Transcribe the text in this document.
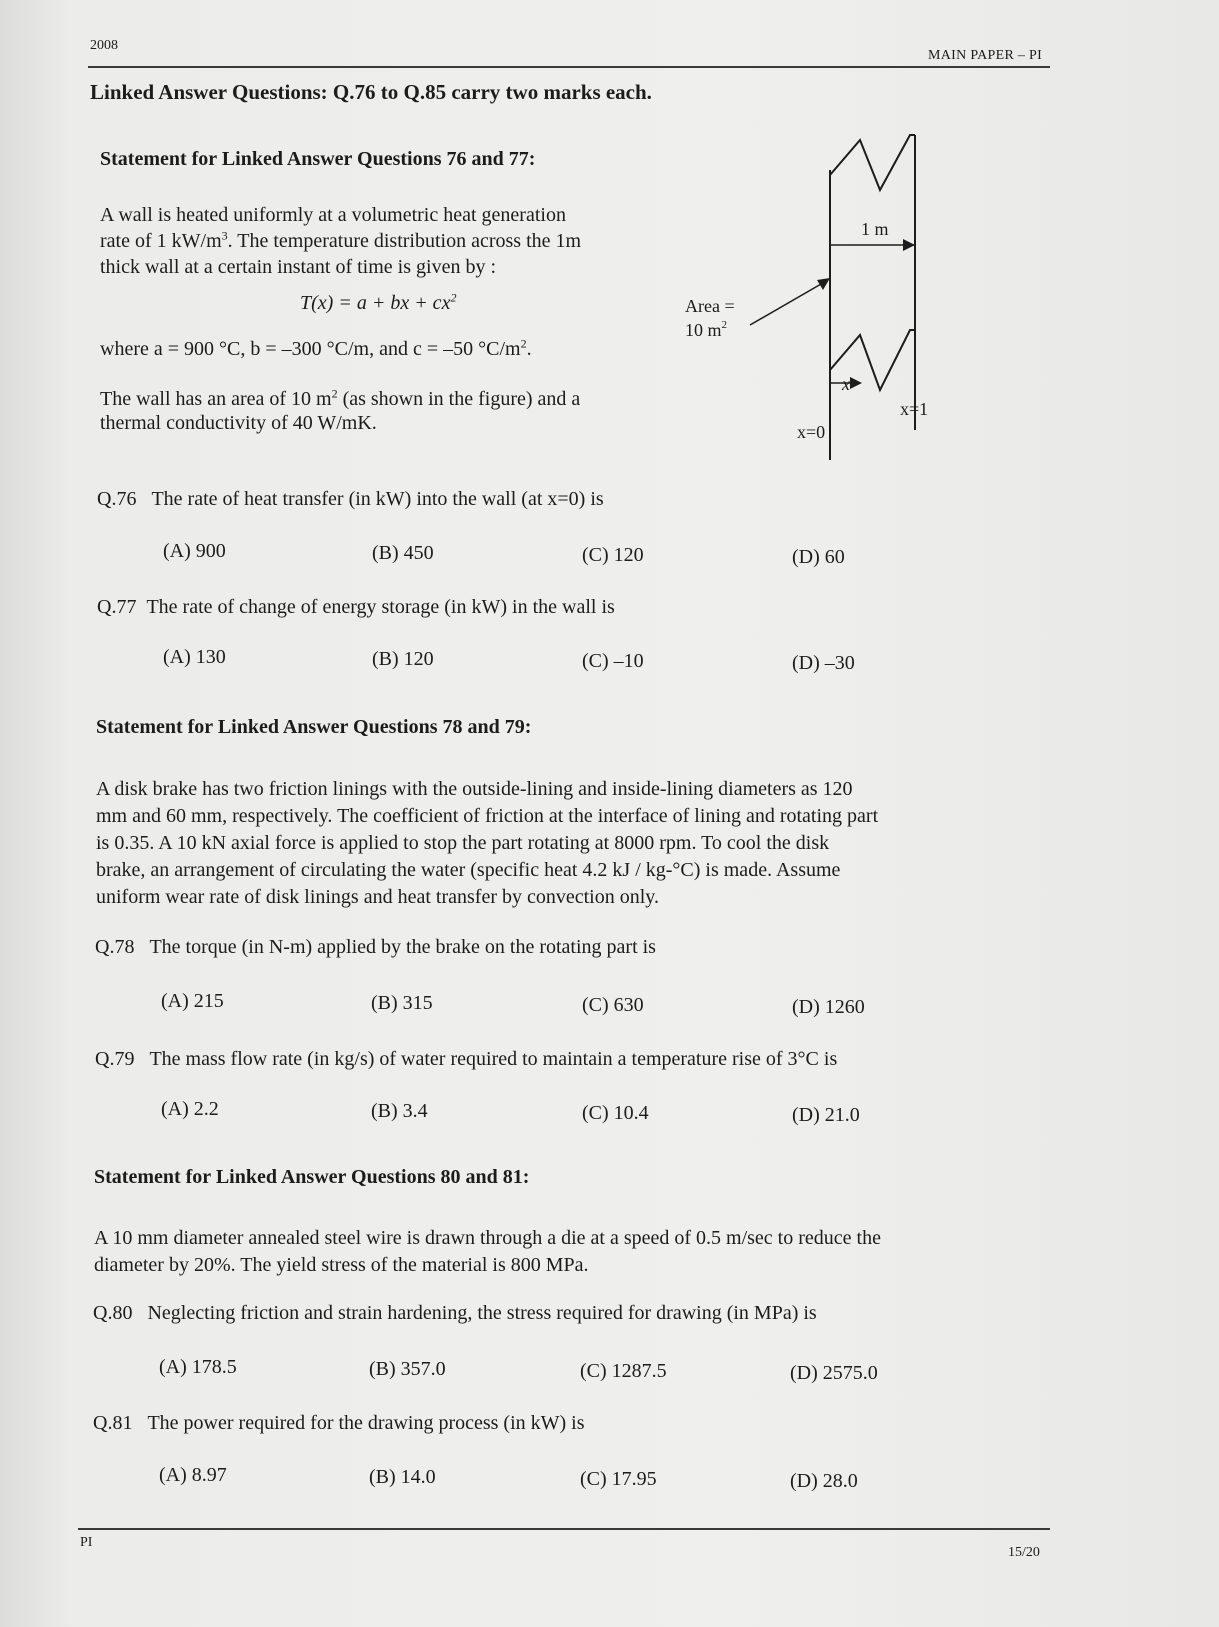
2008
MAIN PAPER – PI
Linked Answer Questions: Q.76 to Q.85 carry two marks each.
Statement for Linked Answer Questions 76 and 77:
A wall is heated uniformly at a volumetric heat generation
rate of 1 $kW/m^3$. The temperature distribution across the 1m
thick wall at a certain instant of time is given by :
T(x) = a + bx + $cx^2$
where a = 900 °C, b = –300 °C/m, and c = –50 $^\circ C/m^2$.
The wall has an area of 10 $m^2$ (as shown in the figure) and a
thermal conductivity of 40 W/mK.
1 m
Area =
10 $m^2$
x
x=1
x=0
Q.76 The rate of heat transfer (in kW) into the wall (at x=0) is
(A) 900	(B) 450	(C) 120	(D) 60
Q.77 The rate of change of energy storage (in kW) in the wall is
(A) 130	(B) 120	(C) –10	(D) –30
Statement for Linked Answer Questions 78 and 79:
A disk brake has two friction linings with the outside-lining and inside-lining diameters as 120
mm and 60 mm, respectively. The coefficient of friction at the interface of lining and rotating part
is 0.35. A 10 kN axial force is applied to stop the part rotating at 8000 rpm. To cool the disk
brake, an arrangement of circulating the water (specific heat 4.2 kJ / kg-°C) is made. Assume
uniform wear rate of disk linings and heat transfer by convection only.
Q.78 The torque (in N-m) applied by the brake on the rotating part is
(A) 215	(B) 315	(C) 630	(D) 1260
Q.79 The mass flow rate (in kg/s) of water required to maintain a temperature rise of 3°C is
(A) 2.2	(B) 3.4	(C) 10.4	(D) 21.0
Statement for Linked Answer Questions 80 and 81:
A 10 mm diameter annealed steel wire is drawn through a die at a speed of 0.5 m/sec to reduce the
diameter by 20%. The yield stress of the material is 800 MPa.
Q.80 Neglecting friction and strain hardening, the stress required for drawing (in MPa) is
(A) 178.5	(B) 357.0	(C) 1287.5	(D) 2575.0
Q.81 The power required for the drawing process (in kW) is
(A) 8.97	(B) 14.0	(C) 17.95	(D) 28.0
PI
15/20
